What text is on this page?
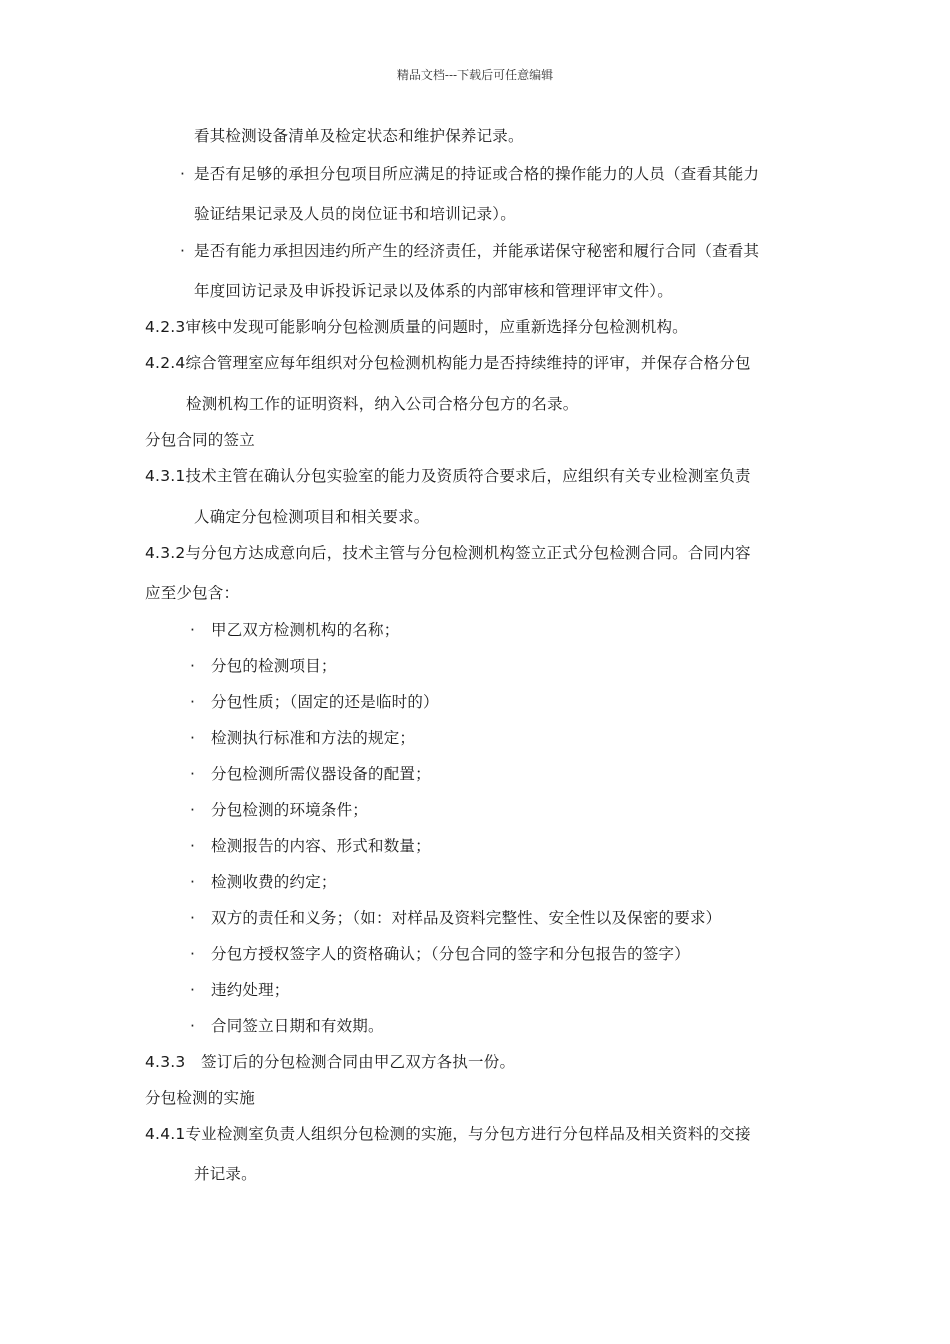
精品文档---下载后可任意编辑
看其检测设备清单及检定状态和维护保养记录。
· 是否有足够的承担分包项目所应满足的持证或合格的操作能力的人员（查看其能力
验证结果记录及人员的岗位证书和培训记录）。
· 是否有能力承担因违约所产生的经济责任，并能承诺保守秘密和履行合同（查看其
年度回访记录及申诉投诉记录以及体系的内部审核和管理评审文件）。
4.2.3审核中发现可能影响分包检测质量的问题时，应重新选择分包检测机构。
4.2.4综合管理室应每年组织对分包检测机构能力是否持续维持的评审，并保存合格分包
检测机构工作的证明资料，纳入公司合格分包方的名录。
分包合同的签立
4.3.1技术主管在确认分包实验室的能力及资质符合要求后，应组织有关专业检测室负责
人确定分包检测项目和相关要求。
4.3.2与分包方达成意向后，技术主管与分包检测机构签立正式分包检测合同。合同内容
应至少包含：
· 甲乙双方检测机构的名称；
· 分包的检测项目；
· 分包性质；（固定的还是临时的）
· 检测执行标准和方法的规定；
· 分包检测所需仪器设备的配置；
· 分包检测的环境条件；
· 检测报告的内容、形式和数量；
· 检测收费的约定；
· 双方的责任和义务；（如：对样品及资料完整性、安全性以及保密的要求）
· 分包方授权签字人的资格确认；（分包合同的签字和分包报告的签字）
· 违约处理；
· 合同签立日期和有效期。
4.3.3　签订后的分包检测合同由甲乙双方各执一份。
分包检测的实施
4.4.1专业检测室负责人组织分包检测的实施，与分包方进行分包样品及相关资料的交接
并记录。
